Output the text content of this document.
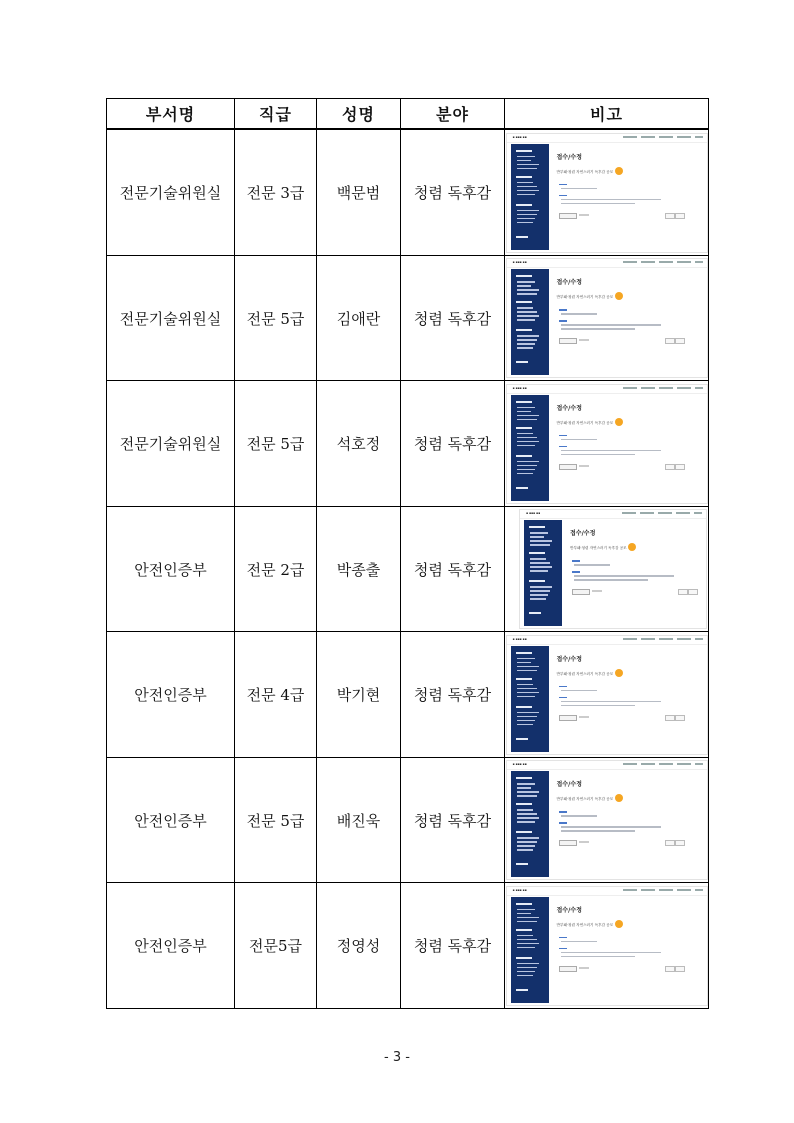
부서명	직급	성명	분야	비고
전문기술위원실	전문 3급	백문범	청렴 독후감	▪ ▪▪▪ ▪▪
접수/수정
반부패·청렴 자연스러기 독후감 공모

전문기술위원실	전문 5급	김애란	청렴 독후감	▪ ▪▪▪ ▪▪
접수/수정
반부패·청렴 자연스러기 독후감 공모

전문기술위원실	전문 5급	석호정	청렴 독후감	▪ ▪▪▪ ▪▪
접수/수정
반부패·청렴 자연스러기 독후감 공모

안전인증부	전문 2급	박종출	청렴 독후감	▪ ▪▪▪ ▪▪
접수/수정
반부패·청렴 자연스러기 독후감 공모

안전인증부	전문 4급	박기현	청렴 독후감	▪ ▪▪▪ ▪▪
접수/수정
반부패·청렴 자연스러기 독후감 공모

안전인증부	전문 5급	배진욱	청렴 독후감	▪ ▪▪▪ ▪▪
접수/수정
반부패·청렴 자연스러기 독후감 공모

안전인증부	전문5급	정영성	청렴 독후감	▪ ▪▪▪ ▪▪
접수/수정
반부패·청렴 자연스러기 독후감 공모
- 3 -
